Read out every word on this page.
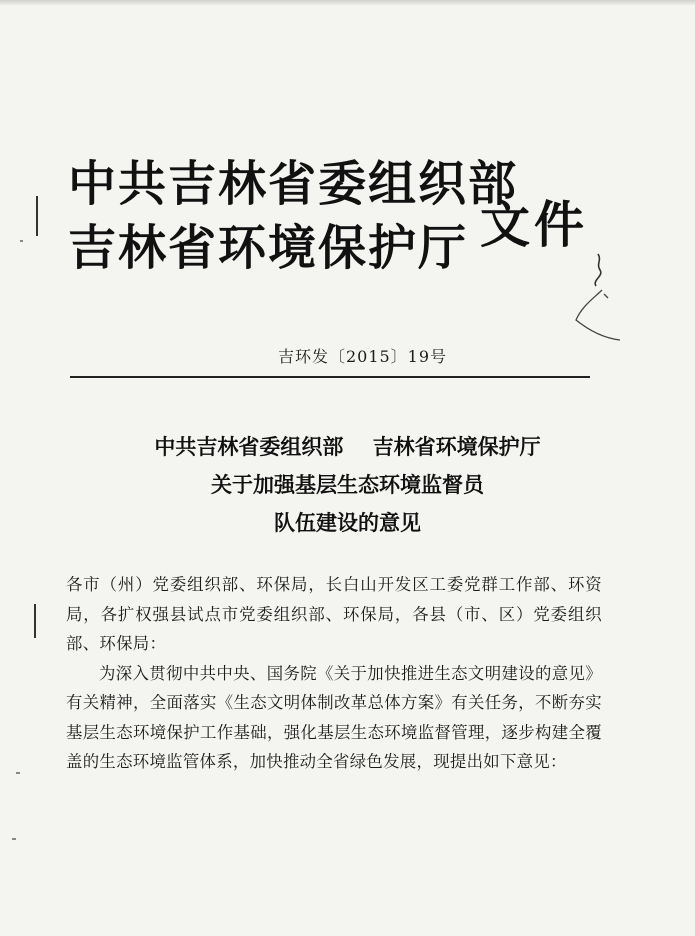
中共吉林省委组织部
吉林省环境保护厅 文件
吉环发〔2015〕19号
中共吉林省委组织部    吉林省环境保护厅
关于加强基层生态环境监督员
队伍建设的意见

各市（州）党委组织部、环保局，长白山开发区工委党群工作部、环资局，各扩权强县试点市党委组织部、环保局，各县（市、区）党委组织部、环保局：

为深入贯彻中共中央、国务院《关于加快推进生态文明建设的意见》有关精神，全面落实《生态文明体制改革总体方案》有关任务，不断夯实基层生态环境保护工作基础，强化基层生态环境监督管理，逐步构建全覆盖的生态环境监管体系，加快推动全省绿色发展，现提出如下意见：
